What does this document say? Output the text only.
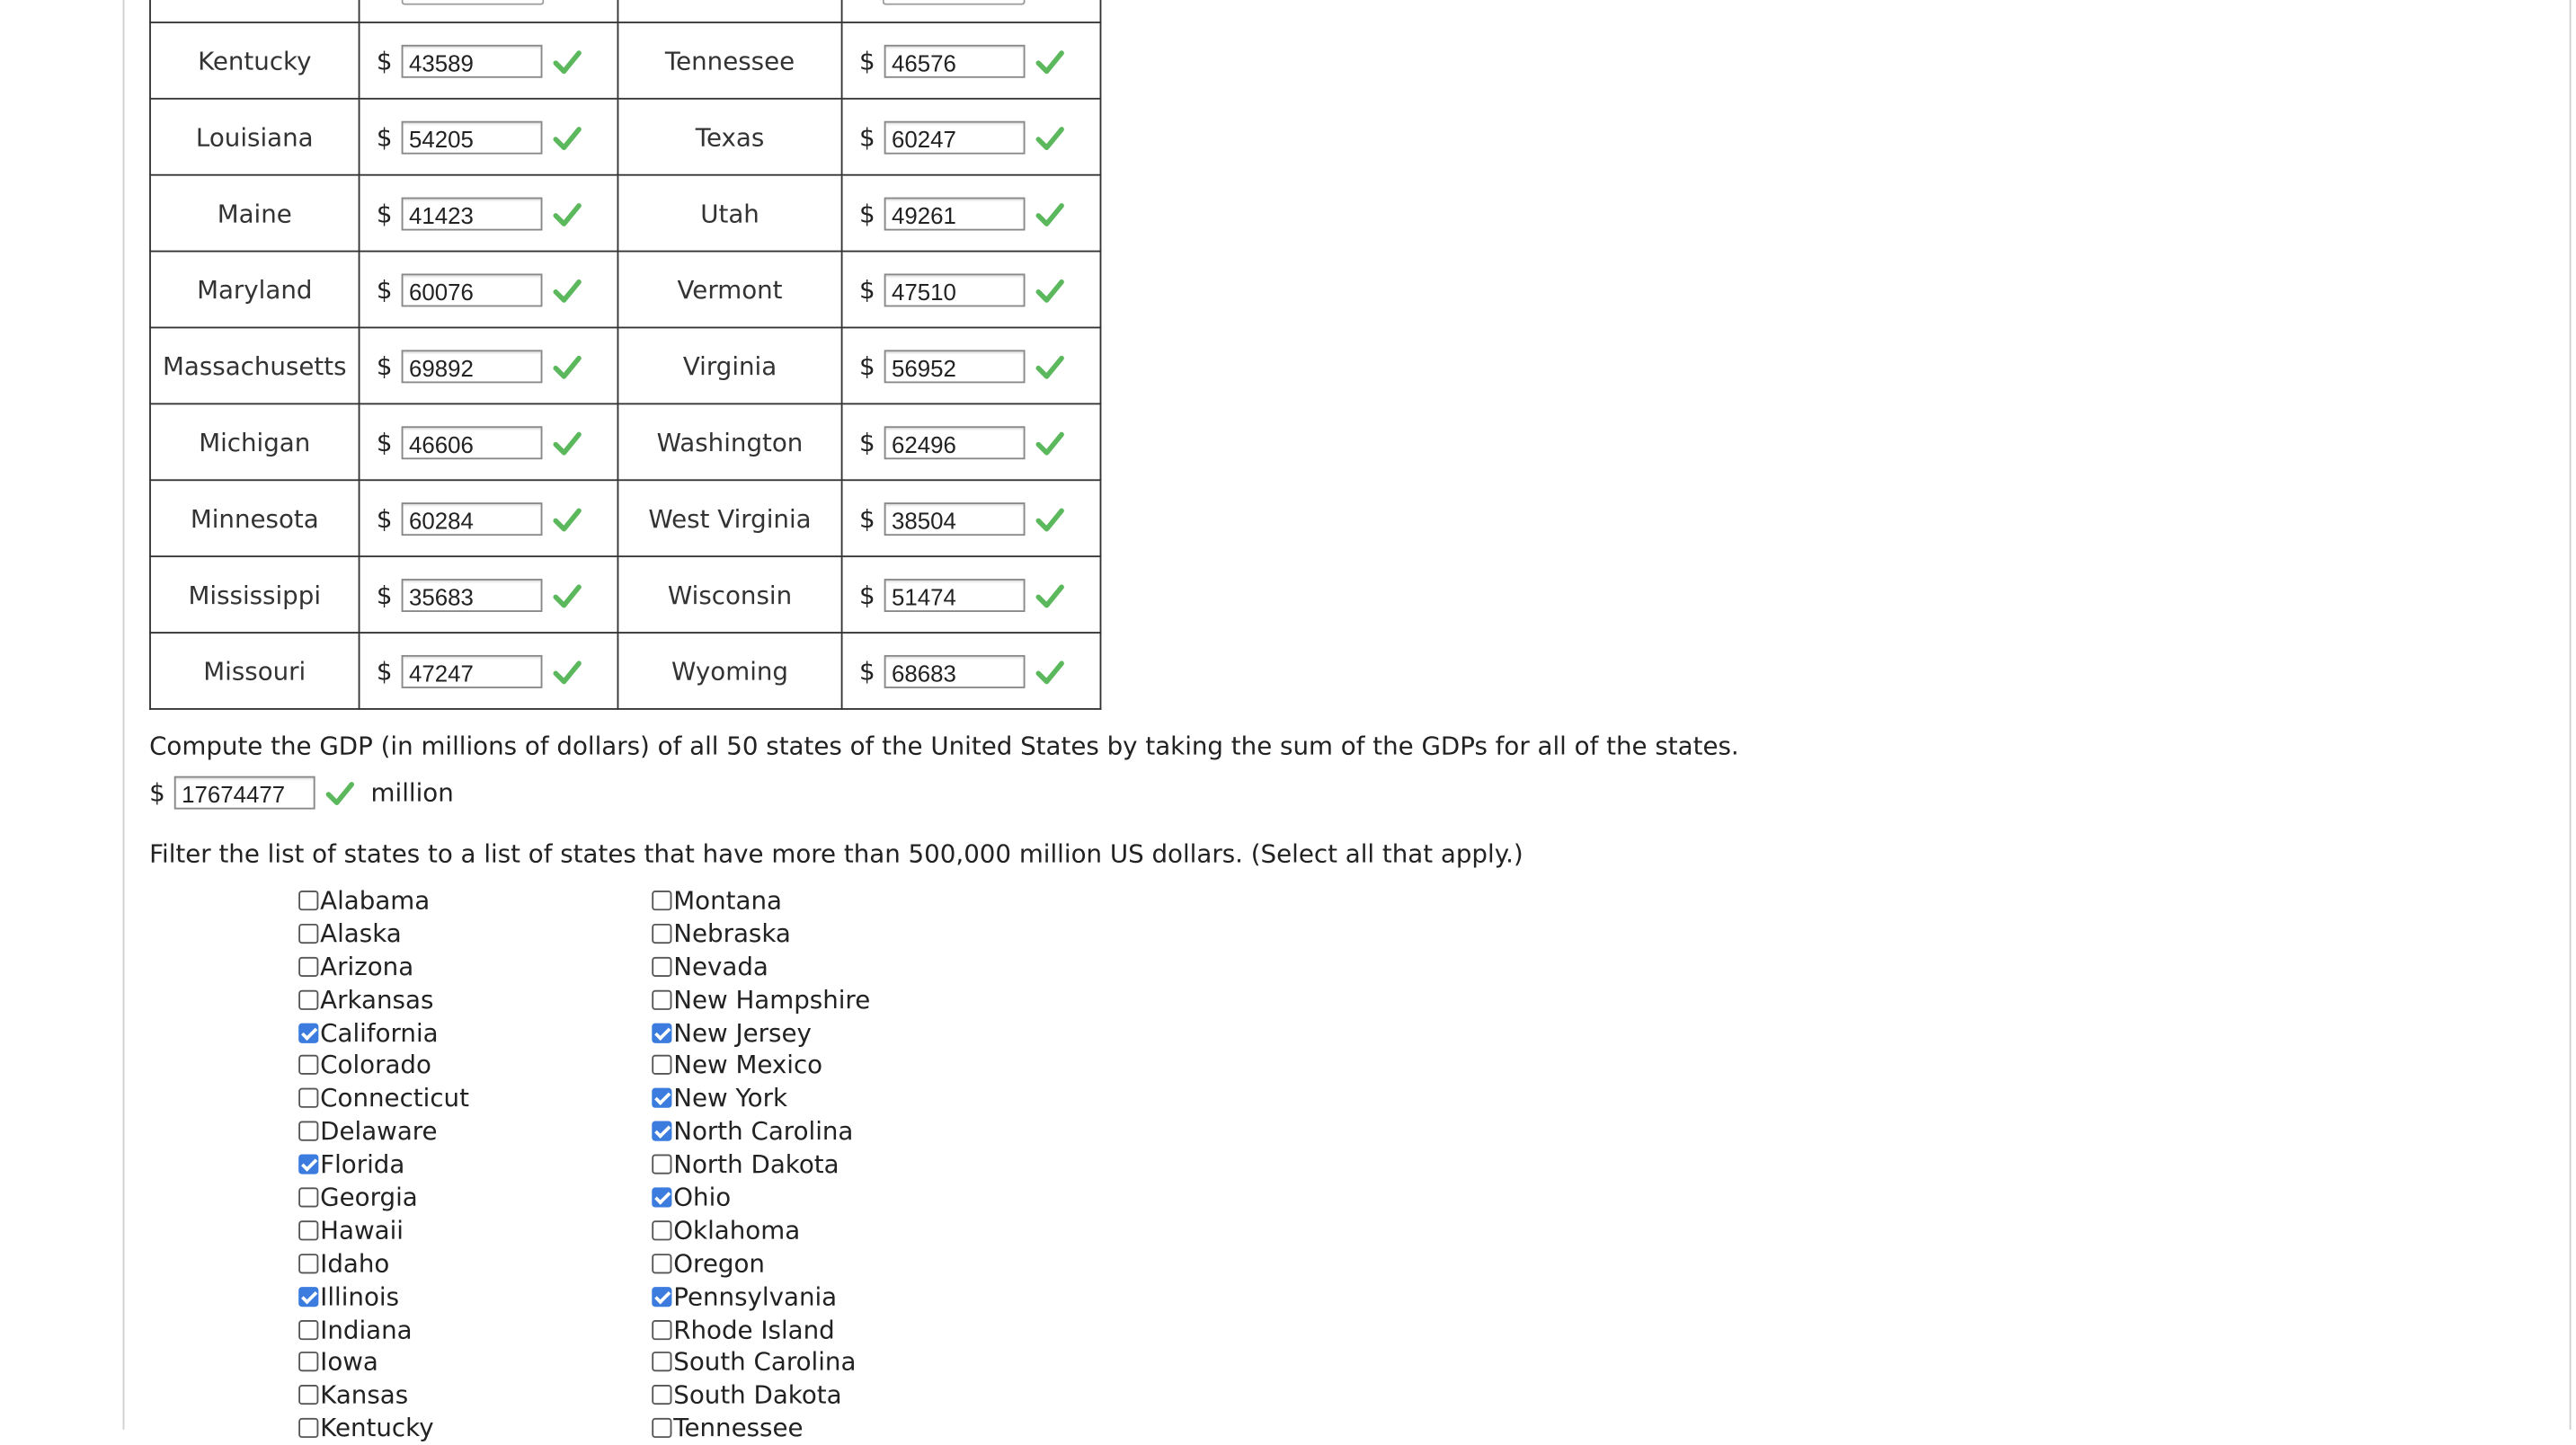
Kentucky	$ 43589	Tennessee	$ 46576

Louisiana	$ 54205	Texas	$ 60247

Maine	$ 41423	Utah	$ 49261

Maryland	$ 60076	Vermont	$ 47510

Massachusetts	$ 69892	Virginia	$ 56952

Michigan	$ 46606	Washington	$ 62496

Minnesota	$ 60284	West Virginia	$ 38504

Mississippi	$ 35683	Wisconsin	$ 51474

Missouri	$ 47247	Wyoming	$ 68683
Compute the GDP (in millions of dollars) of all 50 states of the United States by taking the sum of the GDPs for all of the states.
$	17674477	million
Filter the list of states to a list of states that have more than 500,000 million US dollars. (Select all that apply.)
Alabama
Alaska
Arizona
Arkansas
California
Colorado
Connecticut
Delaware
Florida
Georgia
Hawaii
Idaho
Illinois
Indiana
Iowa
Kansas
Kentucky
Montana
Nebraska
Nevada
New Hampshire
New Jersey
New Mexico
New York
North Carolina
North Dakota
Ohio
Oklahoma
Oregon
Pennsylvania
Rhode Island
South Carolina
South Dakota
Tennessee
